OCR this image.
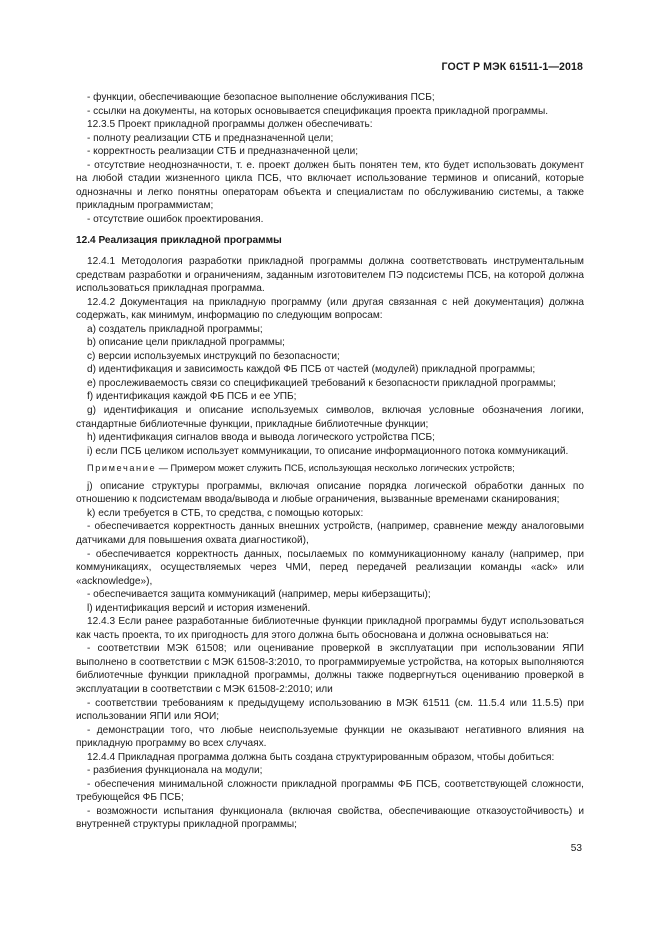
ГОСТ Р МЭК 61511-1—2018

- функции, обеспечивающие безопасное выполнение обслуживания ПСБ;

- ссылки на документы, на которых основывается спецификация проекта прикладной программы.

12.3.5 Проект прикладной программы должен обеспечивать:

- полноту реализации СТБ и предназначенной цели;

- корректность реализации СТБ и предназначенной цели;

- отсутствие неоднозначности, т. е. проект должен быть понятен тем, кто будет использовать документ на любой стадии жизненного цикла ПСБ, что включает использование терминов и описаний, которые однозначны и легко понятны операторам объекта и специалистам по обслуживанию системы, а также прикладным программистам;

- отсутствие ошибок проектирования.

12.4 Реализация прикладной программы

12.4.1 Методология разработки прикладной программы должна соответствовать инструментальным средствам разработки и ограничениям, заданным изготовителем ПЭ подсистемы ПСБ, на которой должна использоваться прикладная программа.

12.4.2 Документация на прикладную программу (или другая связанная с ней документация) должна содержать, как минимум, информацию по следующим вопросам:

a) создатель прикладной программы;

b) описание цели прикладной программы;

c) версии используемых инструкций по безопасности;

d) идентификация и зависимость каждой ФБ ПСБ от частей (модулей) прикладной программы;

e) прослеживаемость связи со спецификацией требований к безопасности прикладной программы;

f) идентификация каждой ФБ ПСБ и ее УПБ;

g) идентификация и описание используемых символов, включая условные обозначения логики, стандартные библиотечные функции, прикладные библиотечные функции;

h) идентификация сигналов ввода и вывода логического устройства ПСБ;

i) если ПСБ целиком использует коммуникации, то описание информационного потока коммуникаций.

Примечание — Примером может служить ПСБ, использующая несколько логических устройств;

j) описание структуры программы, включая описание порядка логической обработки данных по отношению к подсистемам ввода/вывода и любые ограничения, вызванные временами сканирования;

k) если требуется в СТБ, то средства, с помощью которых:

- обеспечивается корректность данных внешних устройств, (например, сравнение между аналоговыми датчиками для повышения охвата диагностикой),

- обеспечивается корректность данных, посылаемых по коммуникационному каналу (например, при коммуникациях, осуществляемых через ЧМИ, перед передачей реализации команды «ack» или «acknowledge»),

- обеспечивается защита коммуникаций (например, меры киберзащиты);

l) идентификация версий и история изменений.

12.4.3 Если ранее разработанные библиотечные функции прикладной программы будут использоваться как часть проекта, то их пригодность для этого должна быть обоснована и должна основываться на:

- соответствии МЭК 61508; или оценивание проверкой в эксплуатации при использовании ЯПИ выполнено в соответствии с МЭК 61508-3:2010, то программируемые устройства, на которых выполняются библиотечные функции прикладной программы, должны также подвергнуться оцениванию проверкой в эксплуатации в соответствии с МЭК 61508-2:2010; или

- соответствии требованиям к предыдущему использованию в МЭК 61511 (см. 11.5.4 или 11.5.5) при использовании ЯПИ или ЯОИ;

- демонстрации того, что любые неиспользуемые функции не оказывают негативного влияния на прикладную программу во всех случаях.

12.4.4 Прикладная программа должна быть создана структурированным образом, чтобы добиться:

- разбиения функционала на модули;

- обеспечения минимальной сложности прикладной программы ФБ ПСБ, соответствующей сложности, требующейся ФБ ПСБ;

- возможности испытания функционала (включая свойства, обеспечивающие отказоустойчивость) и внутренней структуры прикладной программы;

53
